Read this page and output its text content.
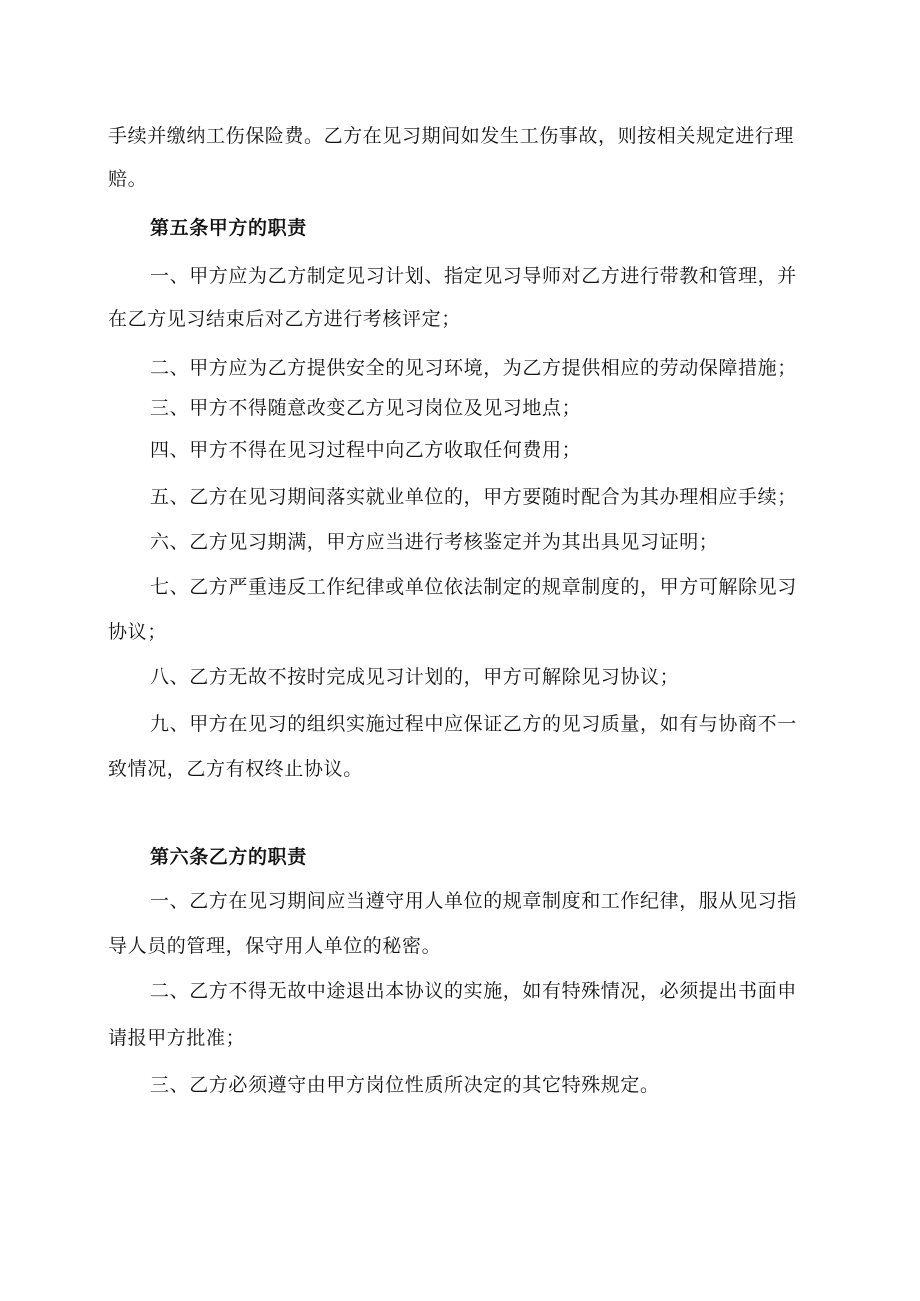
手续并缴纳工伤保险费。乙方在见习期间如发生工伤事故，则按相关规定进行理
赔。
第五条甲方的职责
一、甲方应为乙方制定见习计划、指定见习导师对乙方进行带教和管理，并
在乙方见习结束后对乙方进行考核评定；
二、甲方应为乙方提供安全的见习环境，为乙方提供相应的劳动保障措施；
三、甲方不得随意改变乙方见习岗位及见习地点；
四、甲方不得在见习过程中向乙方收取任何费用；
五、乙方在见习期间落实就业单位的，甲方要随时配合为其办理相应手续；
六、乙方见习期满，甲方应当进行考核鉴定并为其出具见习证明；
七、乙方严重违反工作纪律或单位依法制定的规章制度的，甲方可解除见习
协议；
八、乙方无故不按时完成见习计划的，甲方可解除见习协议；
九、甲方在见习的组织实施过程中应保证乙方的见习质量，如有与协商不一
致情况，乙方有权终止协议。
第六条乙方的职责
一、乙方在见习期间应当遵守用人单位的规章制度和工作纪律，服从见习指
导人员的管理，保守用人单位的秘密。
二、乙方不得无故中途退出本协议的实施，如有特殊情况，必须提出书面申
请报甲方批准；
三、乙方必须遵守由甲方岗位性质所决定的其它特殊规定。
